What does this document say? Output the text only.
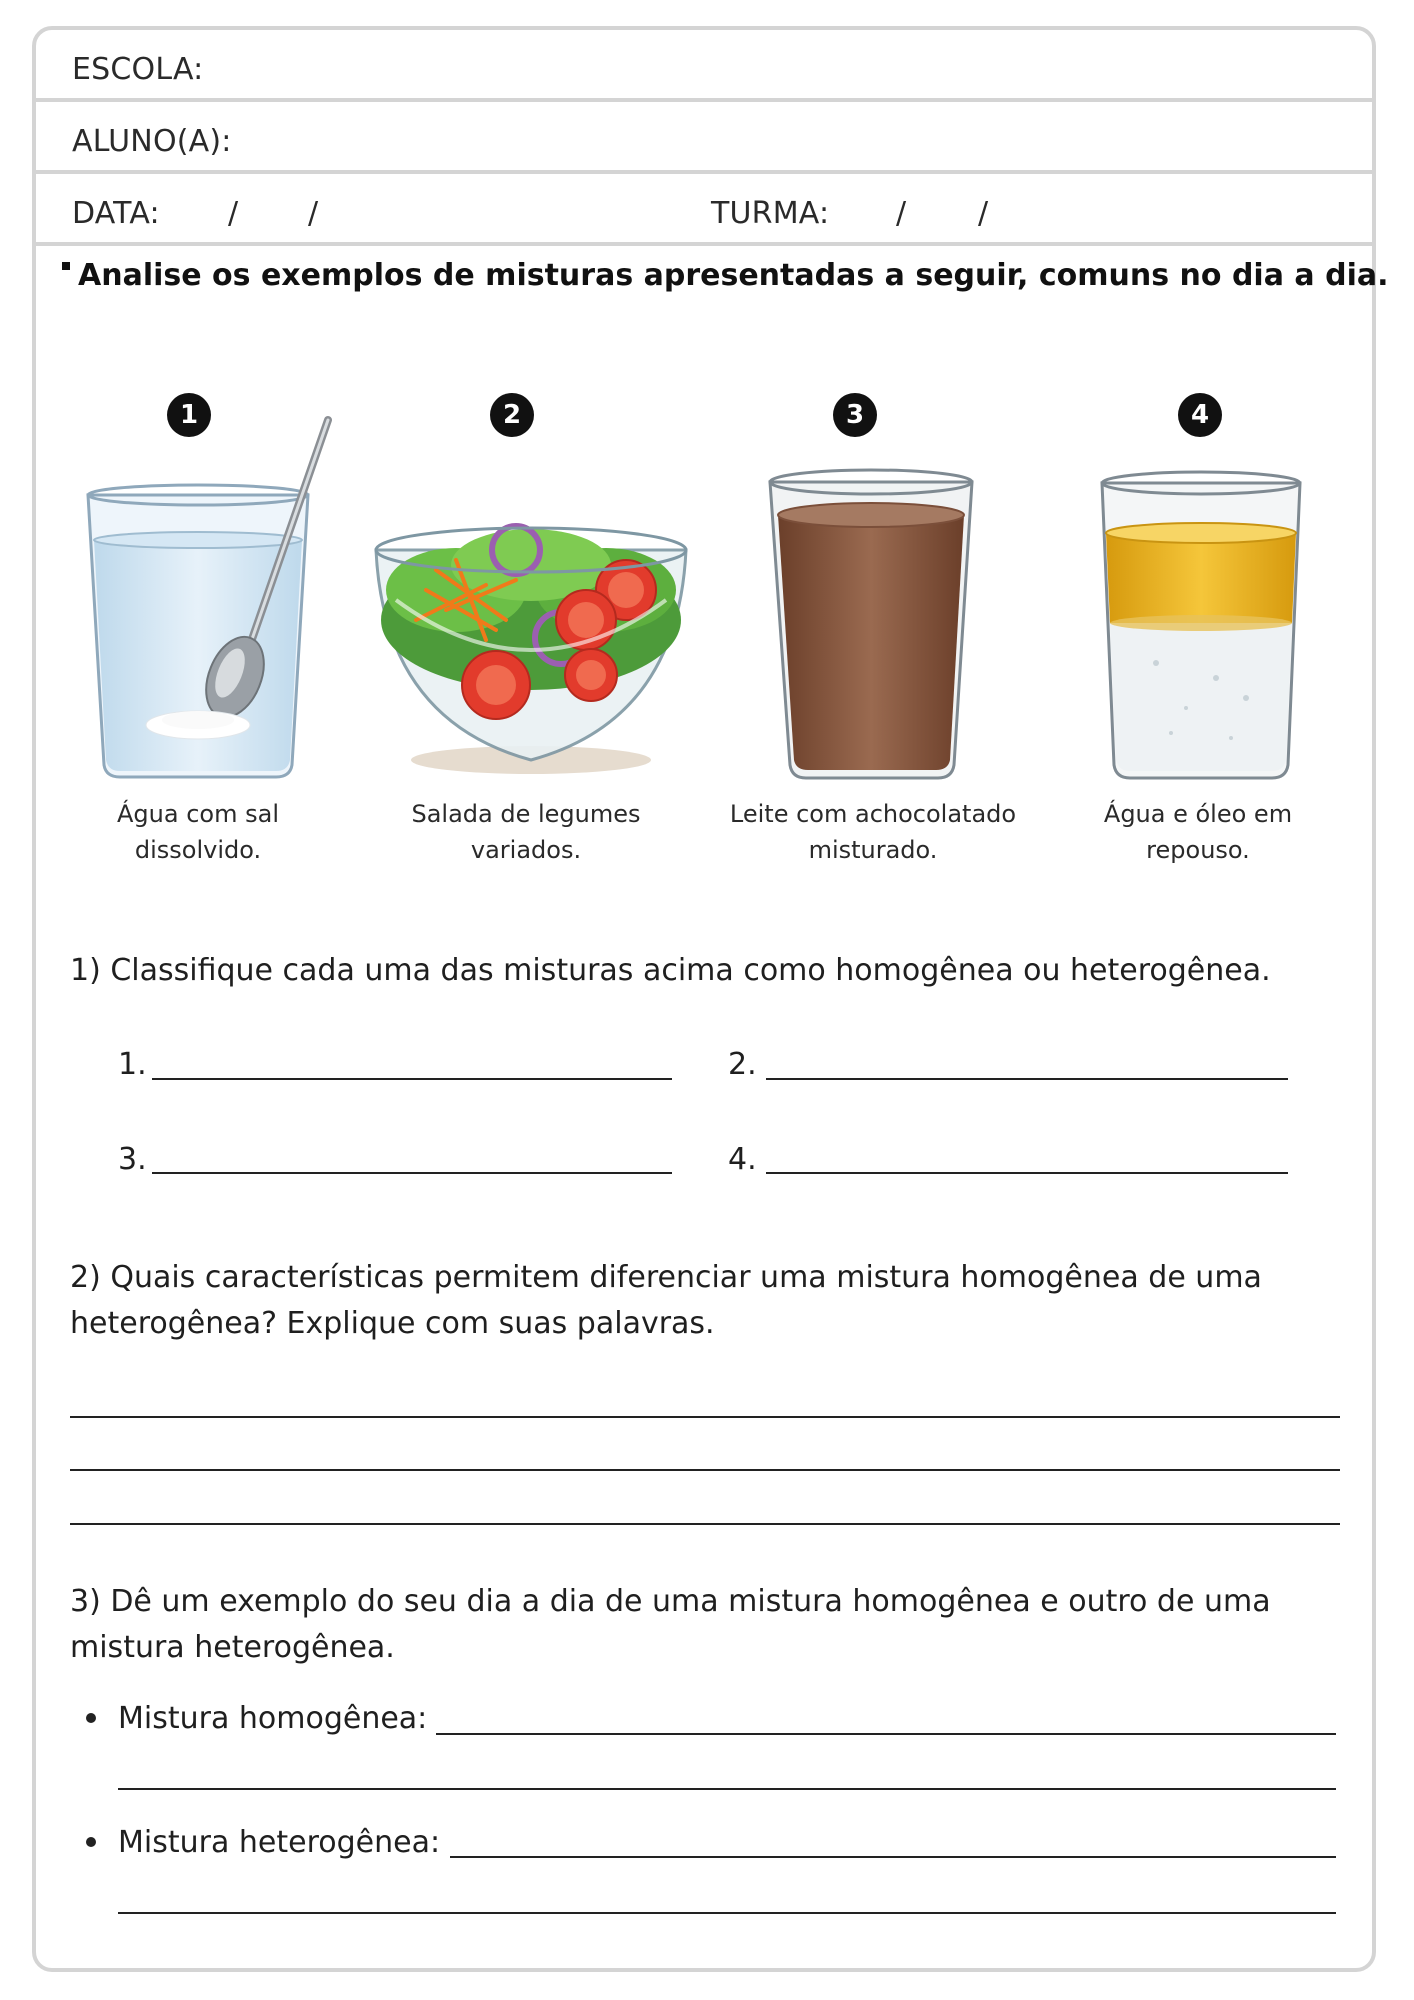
ESCOLA:
ALUNO(A):
DATA: / /	TURMA: / /
Analise os exemplos de misturas apresentadas a seguir, comuns no dia a dia.
1	2	3	4
Água com sal
dissolvido.
Salada de legumes
variados.
Leite com achocolatado
misturado.
Água e óleo em
repouso.
1) Classifique cada uma das misturas acima como homogênea ou heterogênea.
1.	2.
3.	4.
2) Quais características permitem diferenciar uma mistura homogênea de uma
heterogênea? Explique com suas palavras.
3) Dê um exemplo do seu dia a dia de uma mistura homogênea e outro de uma
mistura heterogênea.
Mistura homogênea:
Mistura heterogênea:
